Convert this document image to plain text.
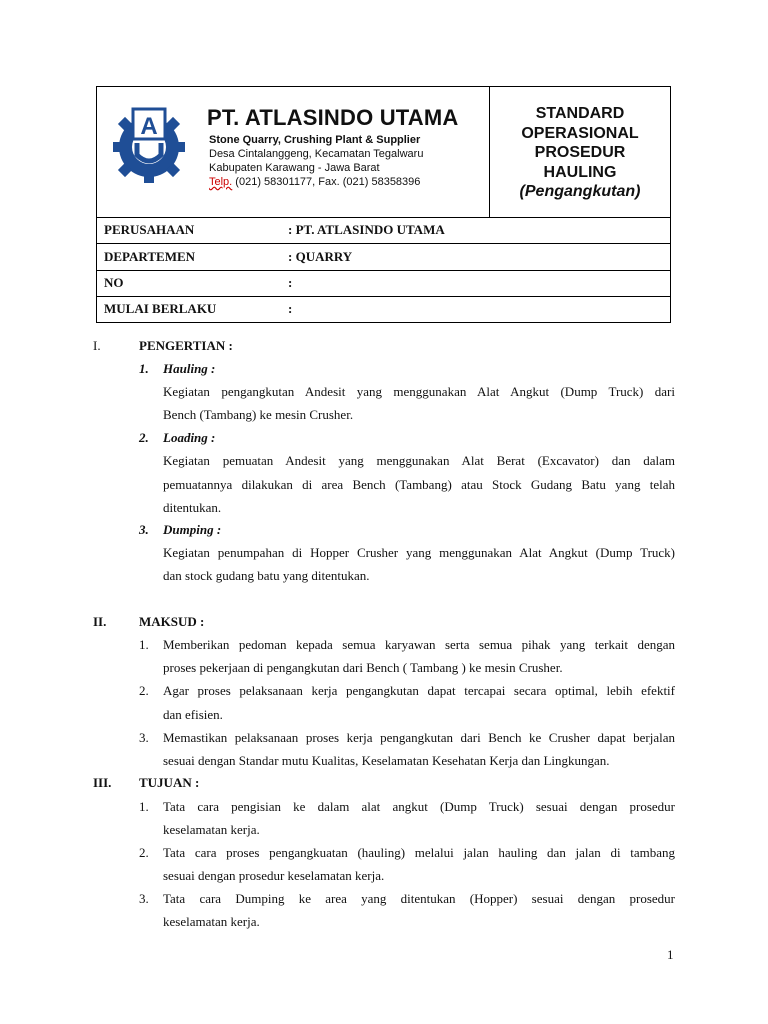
A PT. ATLASINDO UTAMA
Stone Quarry, Crushing Plant & Supplier
Desa Cintalanggeng, Kecamatan Tegalwaru
Kabupaten Karawang - Jawa Barat
Telp. (021) 58301177, Fax. (021) 58358396
STANDARD
OPERASIONAL
PROSEDUR
HAULING
(Pengangkutan)
PERUSAHAAN	: PT. ATLASINDO UTAMA
DEPARTEMEN	: QUARRY
NO	:
MULAI BERLAKU	:
I.	PENGERTIAN :
1. Hauling :
Kegiatan pengangkutan Andesit yang menggunakan Alat Angkut (Dump Truck) dari
Bench (Tambang) ke mesin Crusher.
2. Loading :
Kegiatan pemuatan Andesit yang menggunakan Alat Berat (Excavator) dan dalam
pemuatannya dilakukan di area Bench (Tambang) atau Stock Gudang Batu yang telah
ditentukan.
3. Dumping :
Kegiatan penumpahan di Hopper Crusher yang menggunakan Alat Angkut (Dump Truck)
dan stock gudang batu yang ditentukan.
II.	MAKSUD :
1. Memberikan pedoman kepada semua karyawan serta semua pihak yang terkait dengan
proses pekerjaan di pengangkutan dari Bench ( Tambang ) ke mesin Crusher.
2. Agar proses pelaksanaan kerja pengangkutan dapat tercapai secara optimal, lebih efektif
dan efisien.
3. Memastikan pelaksanaan proses kerja pengangkutan dari Bench ke Crusher dapat berjalan
sesuai dengan Standar mutu Kualitas, Keselamatan Kesehatan Kerja dan Lingkungan.
III. TUJUAN :
1. Tata cara pengisian ke dalam alat angkut (Dump Truck) sesuai dengan prosedur
keselamatan kerja.
2. Tata cara proses pengangkuatan (hauling) melalui jalan hauling dan jalan di tambang
sesuai dengan prosedur keselamatan kerja.
3. Tata cara Dumping ke area yang ditentukan (Hopper) sesuai dengan prosedur
keselamatan kerja.
1
